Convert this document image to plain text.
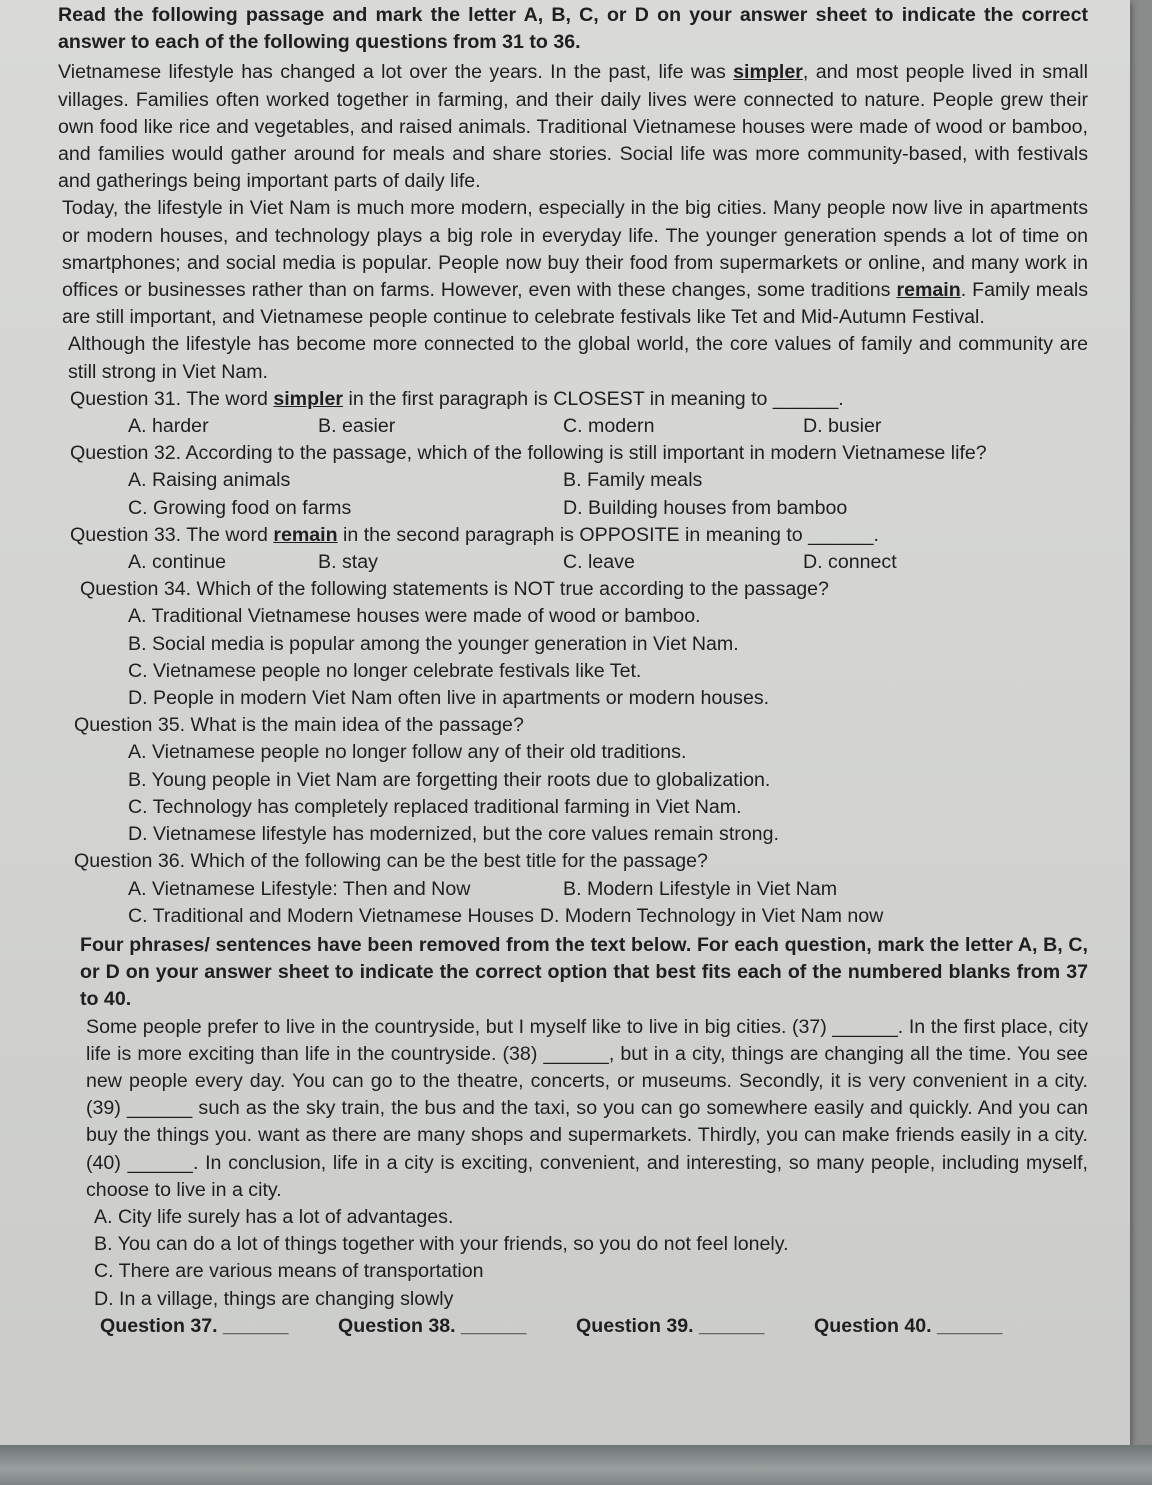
Read the following passage and mark the letter A, B, C, or D on your answer sheet to indicate the correct answer to each of the following questions from 31 to 36.

Vietnamese lifestyle has changed a lot over the years. In the past, life was simpler, and most people lived in small villages. Families often worked together in farming, and their daily lives were connected to nature. People grew their own food like rice and vegetables, and raised animals. Traditional Vietnamese houses were made of wood or bamboo, and families would gather around for meals and share stories. Social life was more community-based, with festivals and gatherings being important parts of daily life.

Today, the lifestyle in Viet Nam is much more modern, especially in the big cities. Many people now live in apartments or modern houses, and technology plays a big role in everyday life. The younger generation spends a lot of time on smartphones; and social media is popular. People now buy their food from supermarkets or online, and many work in offices or businesses rather than on farms. However, even with these changes, some traditions remain. Family meals are still important, and Vietnamese people continue to celebrate festivals like Tet and Mid-Autumn Festival.

Although the lifestyle has become more connected to the global world, the core values of family and community are still strong in Viet Nam.

Question 31. The word simpler in the first paragraph is CLOSEST in meaning to ______.

A. harder	B. easier	C. modern	D. busier

Question 32. According to the passage, which of the following is still important in modern Vietnamese life?

A. Raising animals	B. Family meals
C. Growing food on farms	D. Building houses from bamboo

Question 33. The word remain in the second paragraph is OPPOSITE in meaning to ______.

A. continue	B. stay	C. leave	D. connect

Question 34. Which of the following statements is NOT true according to the passage?

A. Traditional Vietnamese houses were made of wood or bamboo.
B. Social media is popular among the younger generation in Viet Nam.
C. Vietnamese people no longer celebrate festivals like Tet.
D. People in modern Viet Nam often live in apartments or modern houses.

Question 35. What is the main idea of the passage?

A. Vietnamese people no longer follow any of their old traditions.
B. Young people in Viet Nam are forgetting their roots due to globalization.
C. Technology has completely replaced traditional farming in Viet Nam.
D. Vietnamese lifestyle has modernized, but the core values remain strong.

Question 36. Which of the following can be the best title for the passage?

A. Vietnamese Lifestyle: Then and Now	B. Modern Lifestyle in Viet Nam
C. Traditional and Modern Vietnamese Houses D. Modern Technology in Viet Nam now

Four phrases/ sentences have been removed from the text below. For each question, mark the letter A, B, C, or D on your answer sheet to indicate the correct option that best fits each of the numbered blanks from 37 to 40.

Some people prefer to live in the countryside, but I myself like to live in big cities. (37) ______. In the first place, city life is more exciting than life in the countryside. (38) ______, but in a city, things are changing all the time. You see new people every day. You can go to the theatre, concerts, or museums. Secondly, it is very convenient in a city. (39) ______ such as the sky train, the bus and the taxi, so you can go somewhere easily and quickly. And you can buy the things you. want as there are many shops and supermarkets. Thirdly, you can make friends easily in a city. (40) ______. In conclusion, life in a city is exciting, convenient, and interesting, so many people, including myself, choose to live in a city.

A. City life surely has a lot of advantages.
B. You can do a lot of things together with your friends, so you do not feel lonely.
C. There are various means of transportation
D. In a village, things are changing slowly
Question 37. ______	Question 38. ______	Question 39. ______	Question 40. ______
